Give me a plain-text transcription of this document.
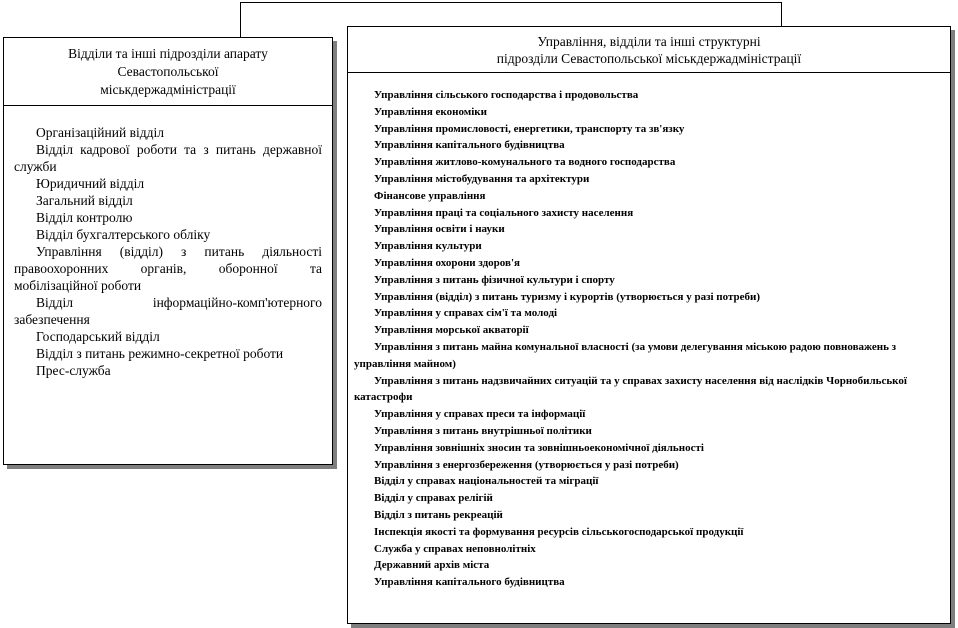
Відділи та інші підрозділи апарату
Севастопольської
міськдержадміністрації
Організаційний відділ
Відділ кадрової роботи та з питань державної служби
Юридичний відділ
Загальний відділ
Відділ контролю
Відділ бухгалтерського обліку
Управління (відділ) з питань діяльності правоохоронних органів, оборонної та мобілізаційної роботи
Відділ інформаційно-комп'ютерного забезпечення
Господарський відділ
Відділ з питань режимно-секретної роботи
Прес-служба
Управління, відділи та інші структурні
підрозділи Севастопольської міськдержадміністрації
Управління сільського господарства і продовольства
Управління економіки
Управління промисловості, енергетики, транспорту та зв'язку
Управління капітального будівництва
Управління житлово-комунального та водного господарства
Управління містобудування та архітектури
Фінансове управління
Управління праці та соціального захисту населення
Управління освіти і науки
Управління культури
Управління охорони здоров'я
Управління з питань фізичної культури і спорту
Управління (відділ) з питань туризму і курортів (утворюється у разі потреби)
Управління у справах сім'ї та молоді
Управління морської акваторії
Управління з питань майна комунальної власності (за умови делегування міською радою повноважень з управління майном)
Управління з питань надзвичайних ситуацій та у справах захисту населення від наслідків Чорнобильської катастрофи
Управління у справах преси та інформації
Управління з питань внутрішньої політики
Управління зовнішніх зносин та зовнішньоекономічної діяльності
Управління з енергозбереження (утворюється у разі потреби)
Відділ у справах національностей та міграції
Відділ у справах релігій
Відділ з питань рекреацій
Інспекція якості та формування ресурсів сільськогосподарської продукції
Служба у справах неповнолітніх
Державний архів міста
Управління капітального будівництва
